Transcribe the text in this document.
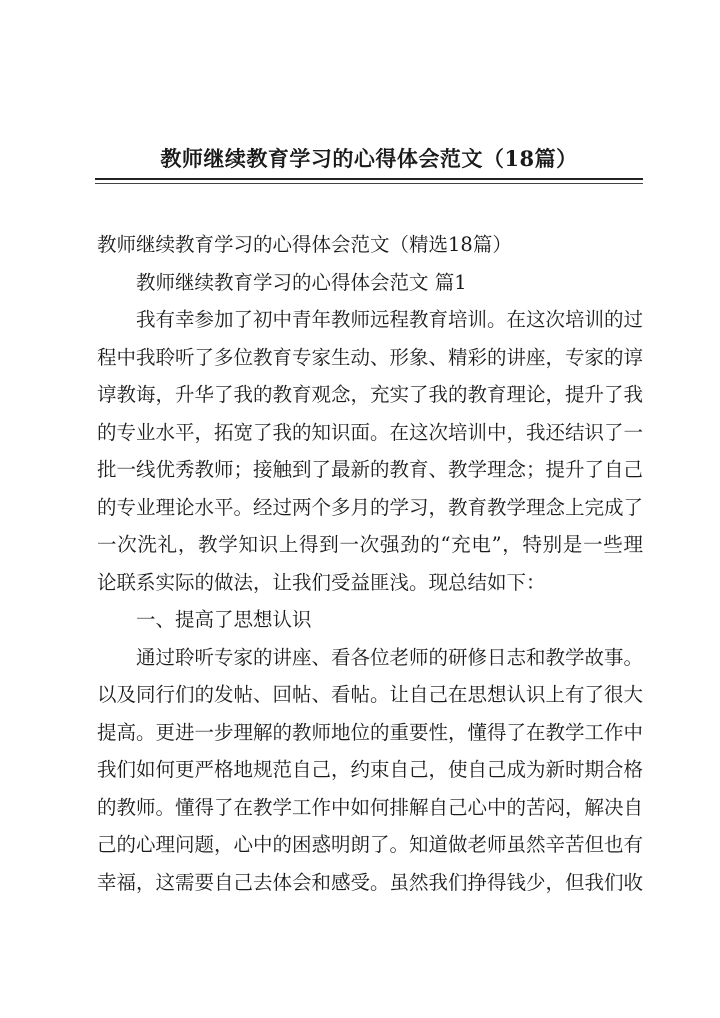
教师继续教育学习的心得体会范文（18篇）

教师继续教育学习的心得体会范文（精选18篇）

教师继续教育学习的心得体会范文 篇1

我有幸参加了初中青年教师远程教育培训。在这次培训的过程中我聆听了多位教育专家生动、形象、精彩的讲座，专家的谆谆教诲，升华了我的教育观念，充实了我的教育理论，提升了我的专业水平，拓宽了我的知识面。在这次培训中，我还结识了一批一线优秀教师；接触到了最新的教育、教学理念；提升了自己的专业理论水平。经过两个多月的学习，教育教学理念上完成了一次洗礼，教学知识上得到一次强劲的“充电”，特别是一些理论联系实际的做法，让我们受益匪浅。现总结如下：

一、提高了思想认识

通过聆听专家的讲座、看各位老师的研修日志和教学故事。以及同行们的发帖、回帖、看帖。让自己在思想认识上有了很大提高。更进一步理解的教师地位的重要性，懂得了在教学工作中我们如何更严格地规范自己，约束自己，使自己成为新时期合格的教师。懂得了在教学工作中如何排解自己心中的苦闷，解决自己的心理问题，心中的困惑明朗了。知道做老师虽然辛苦但也有幸福，这需要自己去体会和感受。虽然我们挣得钱少，但我们收
